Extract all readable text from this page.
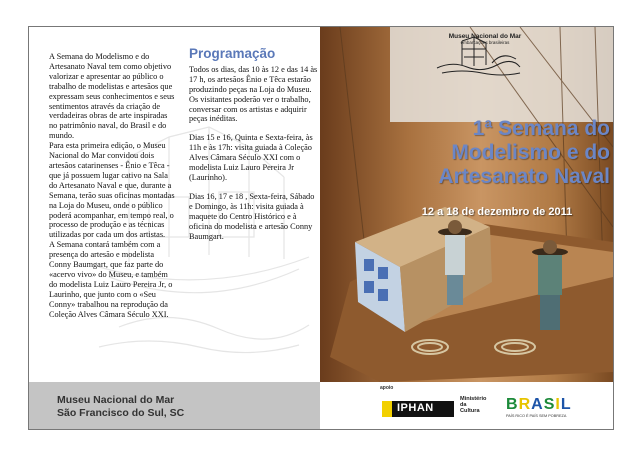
A Semana do Modelismo e do Artesanato Naval tem como objetivo valorizar e apresentar ao público o trabalho de modelistas e artesãos que expressam seus conhecimentos e seus sentimentos através da criação de verdadeiras obras de arte inspiradas no patrimônio naval, do Brasil e do mundo.

Para esta primeira edição, o Museu Nacional do Mar convidou dois artesãos catarinenses - Ênio e Têca - que já possuem lugar cativo na Sala do Artesanato Naval e que, durante a Semana, terão suas oficinas montadas na Loja do Museu, onde o público poderá acompanhar, em tempo real, o processo de produção e as técnicas utilizadas por cada um dos artistas.

A Semana contará também com a presença do artesão e modelista Conny Baumgart, que faz parte do «acervo vivo» do Museu, e também do modelista Luiz Lauro Pereira Jr, o Laurinho, que junto com o «Seu Conny» trabalhou na reprodução da Coleção Alves Câmara Século XXI.

Programação

Todos os dias, das 10 às 12 e das 14 às 17 h, os artesãos Ênio e Têca estarão produzindo peças na Loja do Museu. Os visitantes poderão ver o trabalho, conversar com os artistas e adquirir peças inéditas.

Dias 15 e 16, Quinta e Sexta-feira, às 11h e às 17h: visita guiada à Coleção Alves Câmara Século XXI com o modelista Luiz Lauro Pereira Jr (Laurinho).

Dias 16, 17 e 18 , Sexta-feira, Sábado e Domingo, às 11h: visita guiada à maquete do Centro Histórico e à oficina do modelista e artesão Conny Baumgart.

Museu Nacional do Mar
São Francisco do Sul, SC
Museu Nacional do Mar
embarcações brasileiras
1ª Semana do
Modelismo e do
Artesanato Naval
12 a 18 de dezembro de 2011
apoio
IPHAN
Ministério da
Cultura	BRASIL
PAÍS RICO É PAÍS SEM POBREZA
